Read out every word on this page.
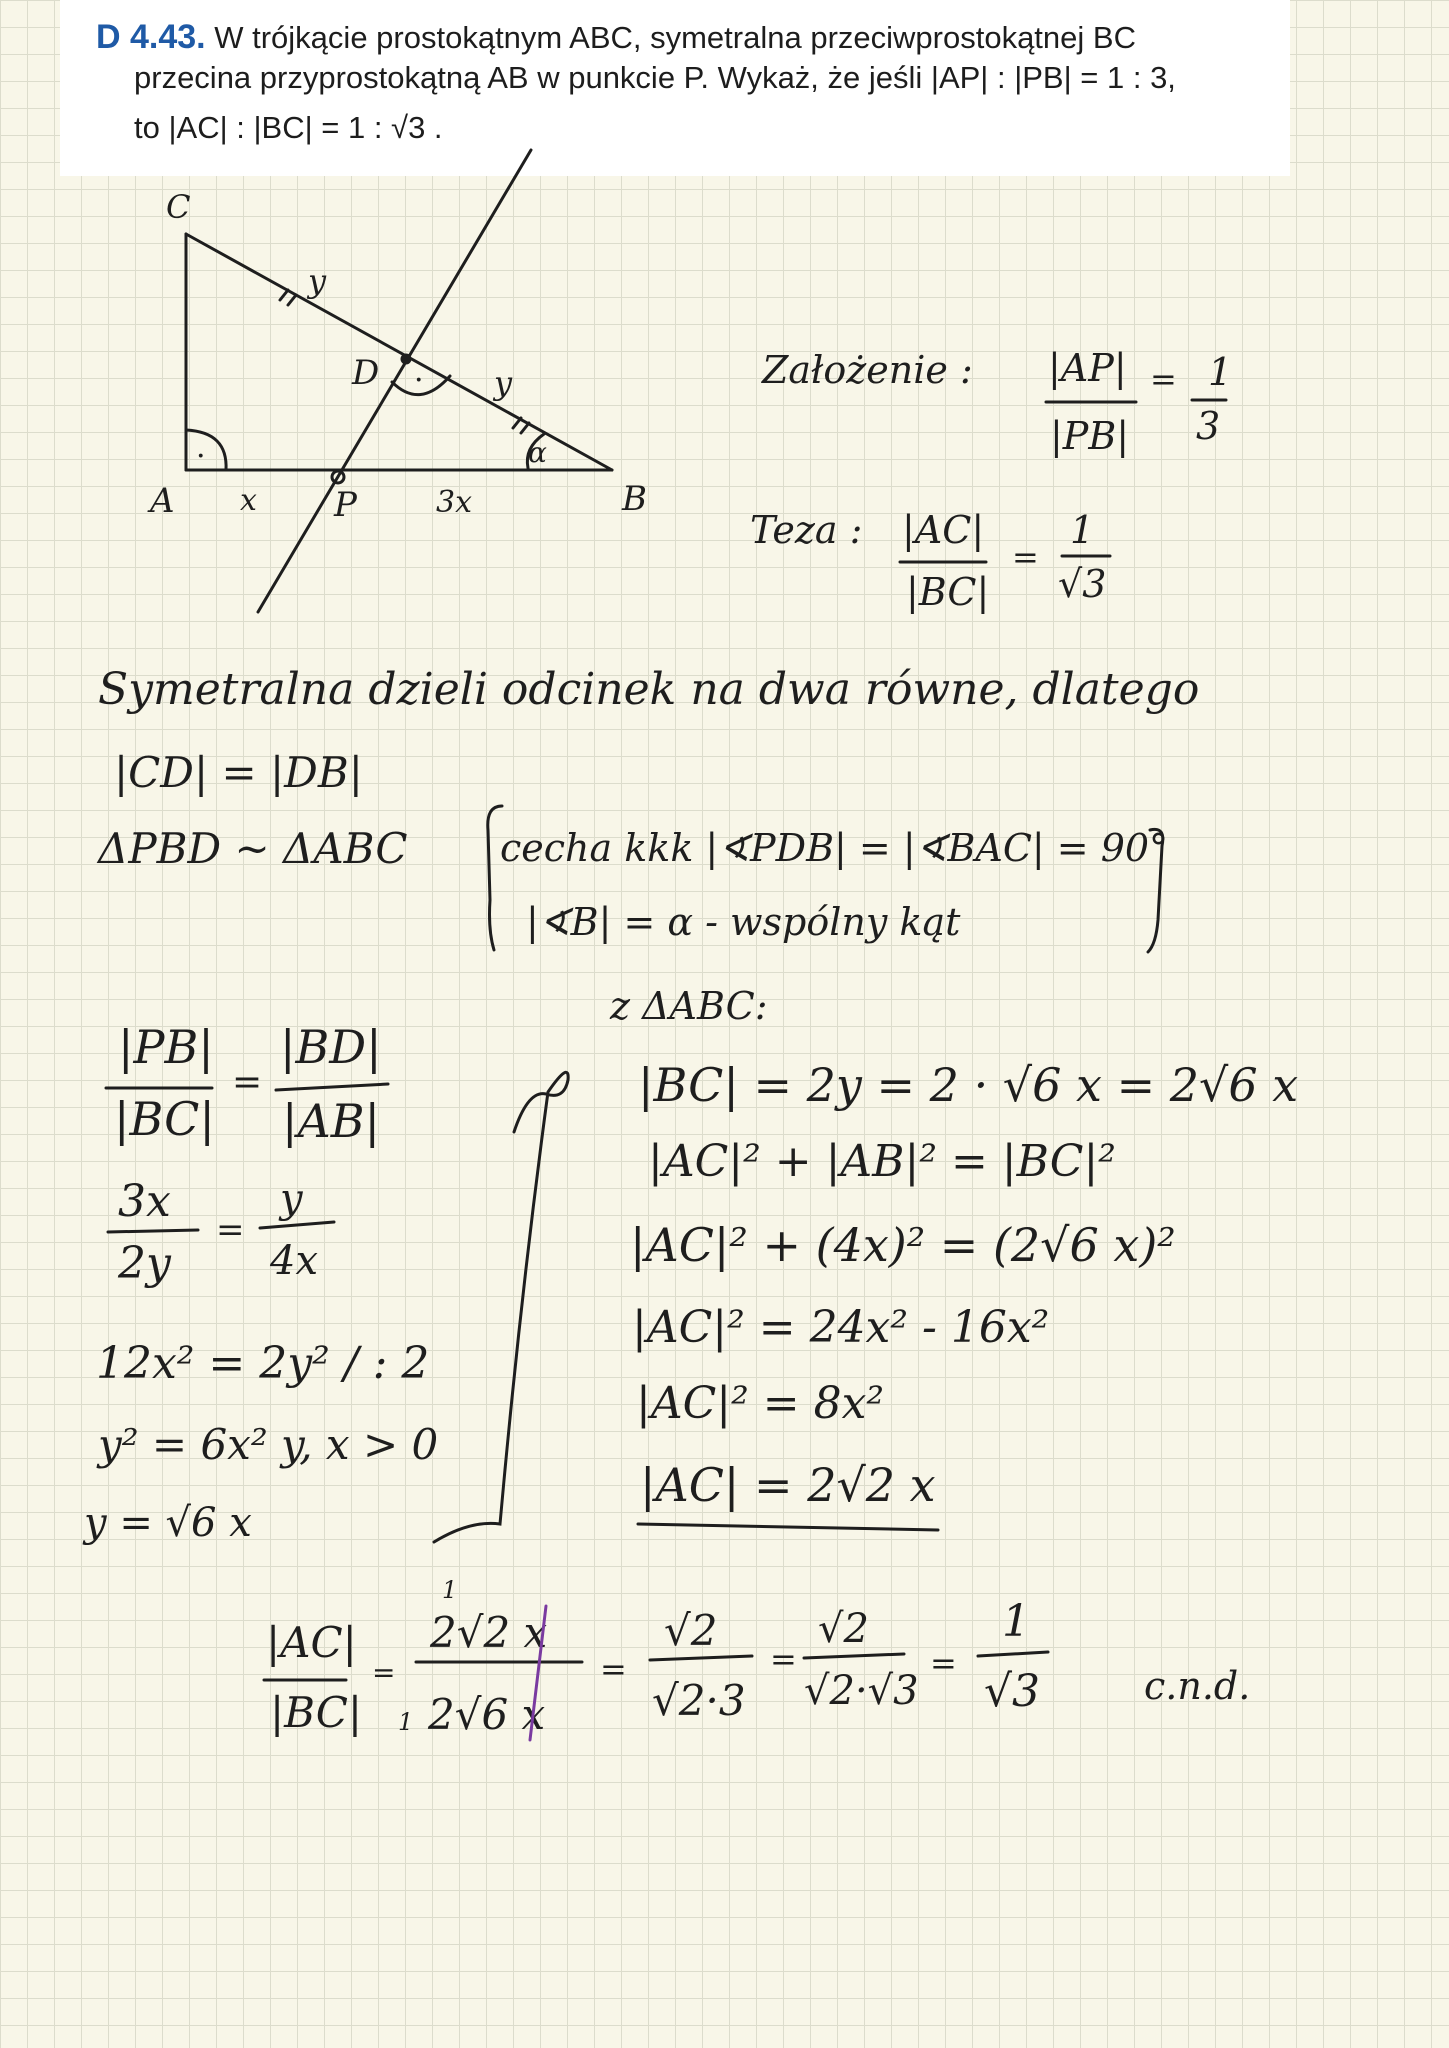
D 4.43. W trójkącie prostokątnym ABC, symetralna przeciwprostokątnej BC
przecina przyprostokątną AB w punkcie P. Wykaż, że jeśli |AP| : |PB| = 1 : 3,
to |AC| : |BC| = 1 : √3 .
C
A	B
P
D
y
y
x	3x
α
·
·	Założenie : |AP|
|PB|
= 1
3
Teza : |AC|
|BC|
=
1
√3
Symetralna dzieli odcinek na dwa równe, dlatego
|CD| = |DB|
ΔPBD ~ ΔABC cecha kkk |∢PDB| = |∢BAC| = 90°
|∢B| = α - wspólny kąt
|PB|
|BC|
=
|BD|
|AB|
3x
2y
=
y
4x
12x² = 2y² / : 2
y² = 6x² y, x > 0
y = √6 x
z ΔABC:
|BC| = 2y = 2 · √6 x = 2√6 x
|AC|² + |AB|² = |BC|²
|AC|² + (4x)² = (2√6 x)²
|AC|² = 24x² - 16x²
|AC|² = 8x²
|AC| = 2√2 x
|AC|
|BC|
=
2√2 x
2√6 x
1
1
=
√2
√2·3
=
√2
√2·√3
=
1
√3	c.n.d.
